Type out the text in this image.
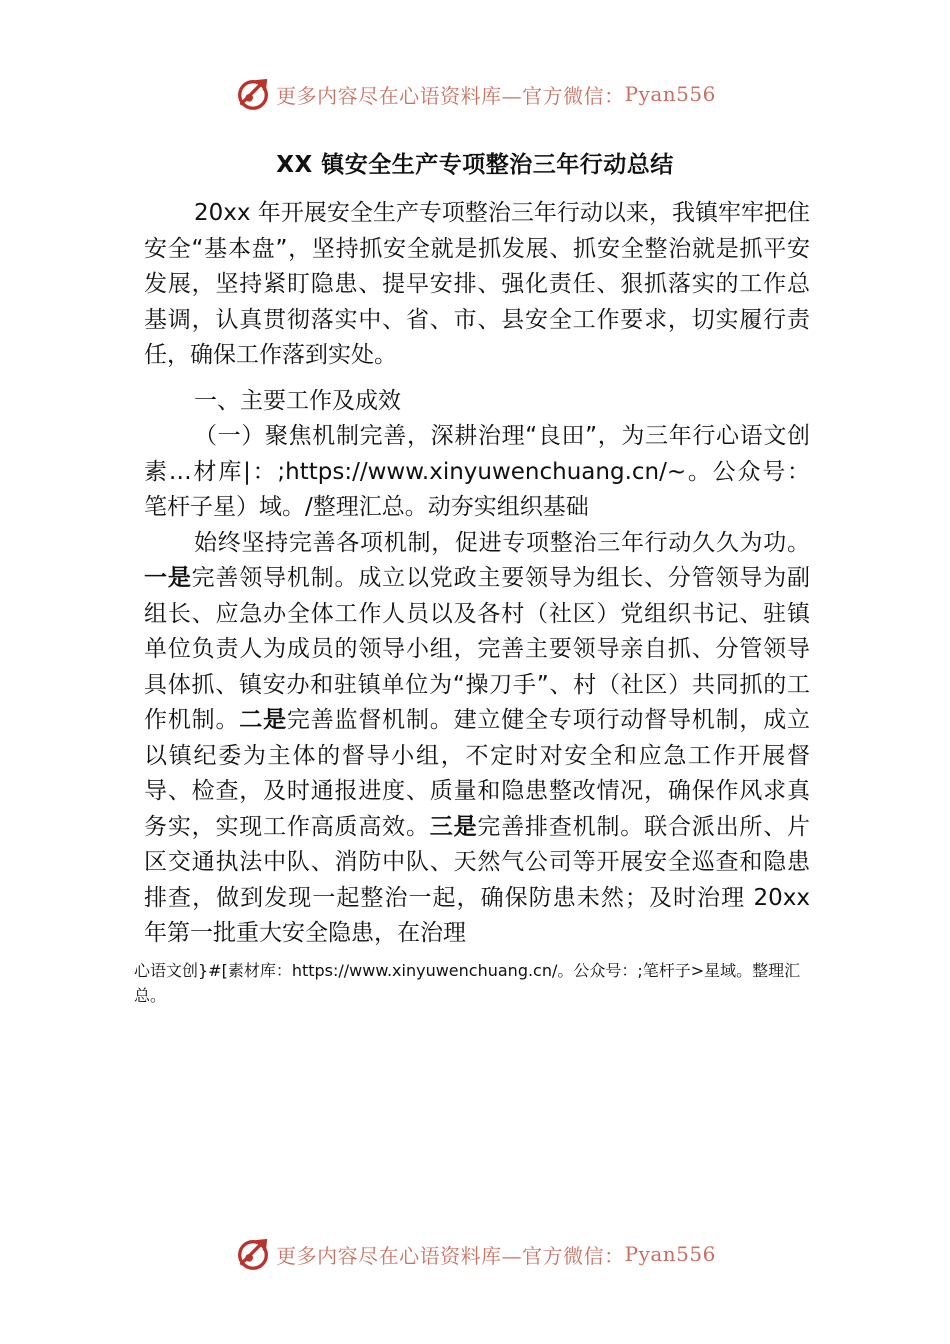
更多内容尽在心语资料库—官方微信： Pyan556
XX 镇安全生产专项整治三年行动总结

20xx 年开展安全生产专项整治三年行动以来，我镇牢牢把住安全“基本盘”，坚持抓安全就是抓发展、抓安全整治就是抓平安发展，坚持紧盯隐患、提早安排、强化责任、狠抓落实的工作总基调，认真贯彻落实中、省、市、县安全工作要求，切实履行责任，确保工作落到实处。

一、主要工作及成效

（一）聚焦机制完善，深耕治理“良田”，为三年行心语文创素…材库|：;https://www.xinyuwenchuang.cn/~。公众号：笔杆子星）域。/整理汇总。动夯实组织基础

始终坚持完善各项机制，促进专项整治三年行动久久为功。一是完善领导机制。成立以党政主要领导为组长、分管领导为副组长、应急办全体工作人员以及各村（社区）党组织书记、驻镇单位负责人为成员的领导小组，完善主要领导亲自抓、分管领导具体抓、镇安办和驻镇单位为“操刀手”、村（社区）共同抓的工作机制。二是完善监督机制。建立健全专项行动督导机制，成立以镇纪委为主体的督导小组，不定时对安全和应急工作开展督导、检查，及时通报进度、质量和隐患整改情况，确保作风求真务实，实现工作高质高效。三是完善排查机制。联合派出所、片区交通执法中队、消防中队、天然气公司等开展安全巡查和隐患排查，做到发现一起整治一起，确保防患未然；及时治理 20xx 年第一批重大安全隐患，在治理

心语文创}#[素材库：https://www.xinyuwenchuang.cn/。公众号：;笔杆子>星域。整理汇总。
更多内容尽在心语资料库—官方微信： Pyan556
